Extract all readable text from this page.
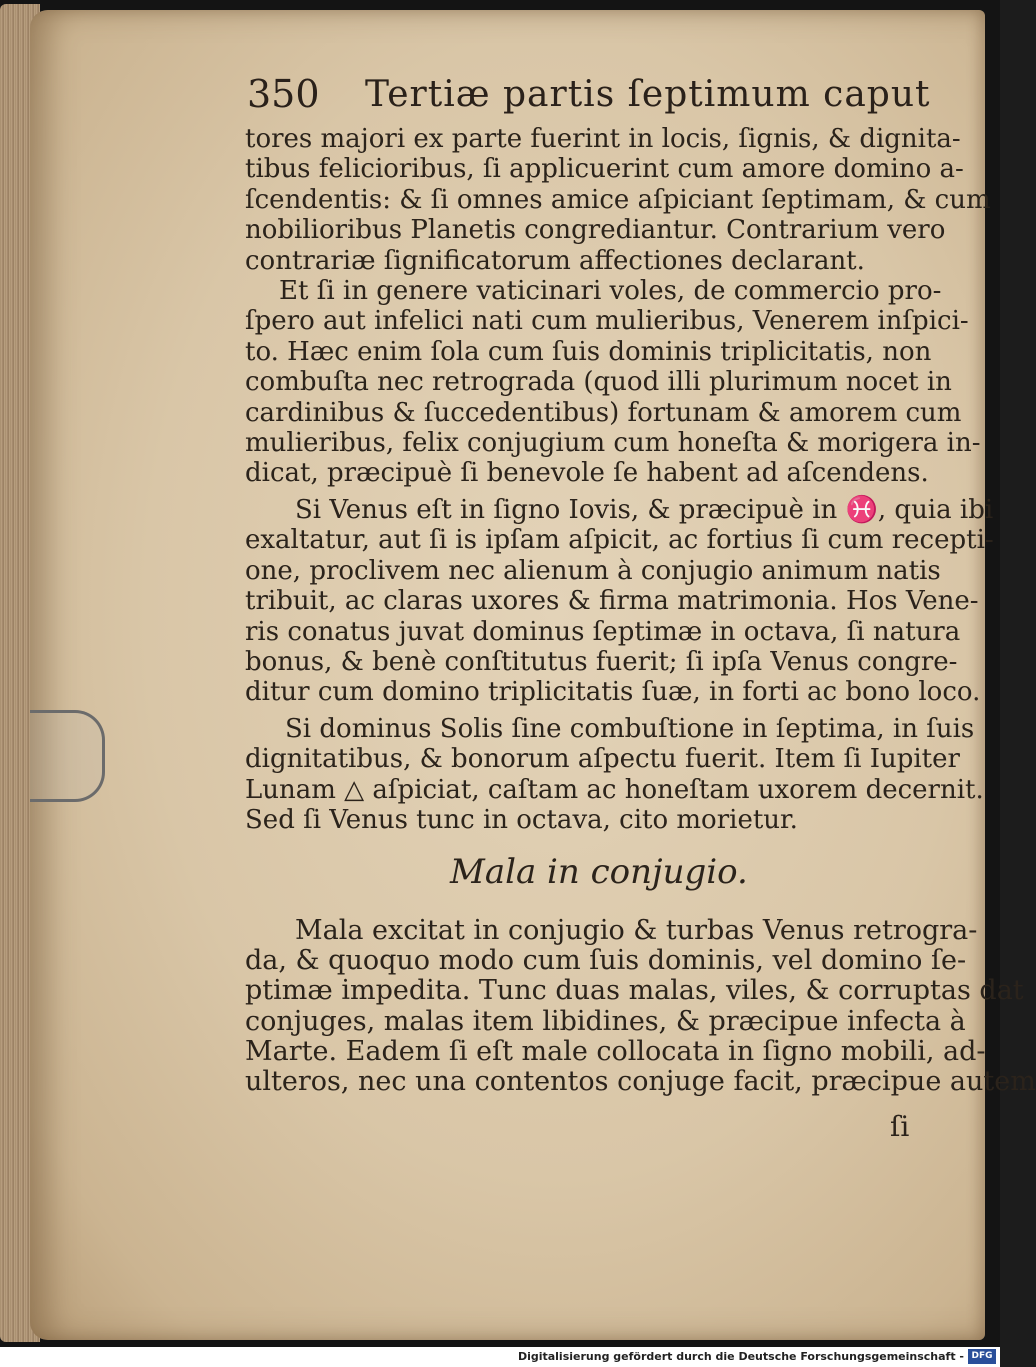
350 Tertiæ partis ſeptimum caput
tores majori ex parte fuerint in locis, ſignis, & dignita-
tibus felicioribus, ſi applicuerint cum amore domino a-
ſcendentis: & ſi omnes amice aſpiciant ſeptimam, & cum
nobilioribus Planetis congrediantur. Contrarium vero
contrariæ ſignificatorum affectiones declarant.
Et ſi in genere vaticinari voles, de commercio pro-
ſpero aut infelici nati cum mulieribus, Venerem inſpici-
to. Hæc enim ſola cum ſuis dominis triplicitatis, non
combuſta nec retrograda (quod illi plurimum nocet in
cardinibus & ſuccedentibus) fortunam & amorem cum
mulieribus, felix conjugium cum honeſta & morigera in-
dicat, præcipuè ſi benevole ſe habent ad aſcendens.
Si Venus eſt in ſigno Iovis, & præcipuè in ♓, quia ibi
exaltatur, aut ſi is ipſam aſpicit, ac fortius ſi cum recepti-
one, proclivem nec alienum à conjugio animum natis
tribuit, ac claras uxores & firma matrimonia. Hos Vene-
ris conatus juvat dominus ſeptimæ in octava, ſi natura
bonus, & benè conſtitutus fuerit; ſi ipſa Venus congre-
ditur cum domino triplicitatis ſuæ, in forti ac bono loco.
Si dominus Solis ſine combuſtione in ſeptima, in ſuis
dignitatibus, & bonorum aſpectu fuerit. Item ſi Iupiter
Lunam △ aſpiciat, caſtam ac honeſtam uxorem decernit.
Sed ſi Venus tunc in octava, cito morietur.
Mala in conjugio.
Mala excitat in conjugio & turbas Venus retrogra-
da, & quoquo modo cum ſuis dominis, vel domino ſe-
ptimæ impedita. Tunc duas malas, viles, & corruptas dat
conjuges, malas item libidines, & præcipue infecta à
Marte. Eadem ſi eſt male collocata in ſigno mobili, ad-
ulteros, nec una contentos conjuge facit, præcipue autem
ſi
Digitalisierung gefördert durch die Deutsche Forschungsgemeinschaft - DFG
